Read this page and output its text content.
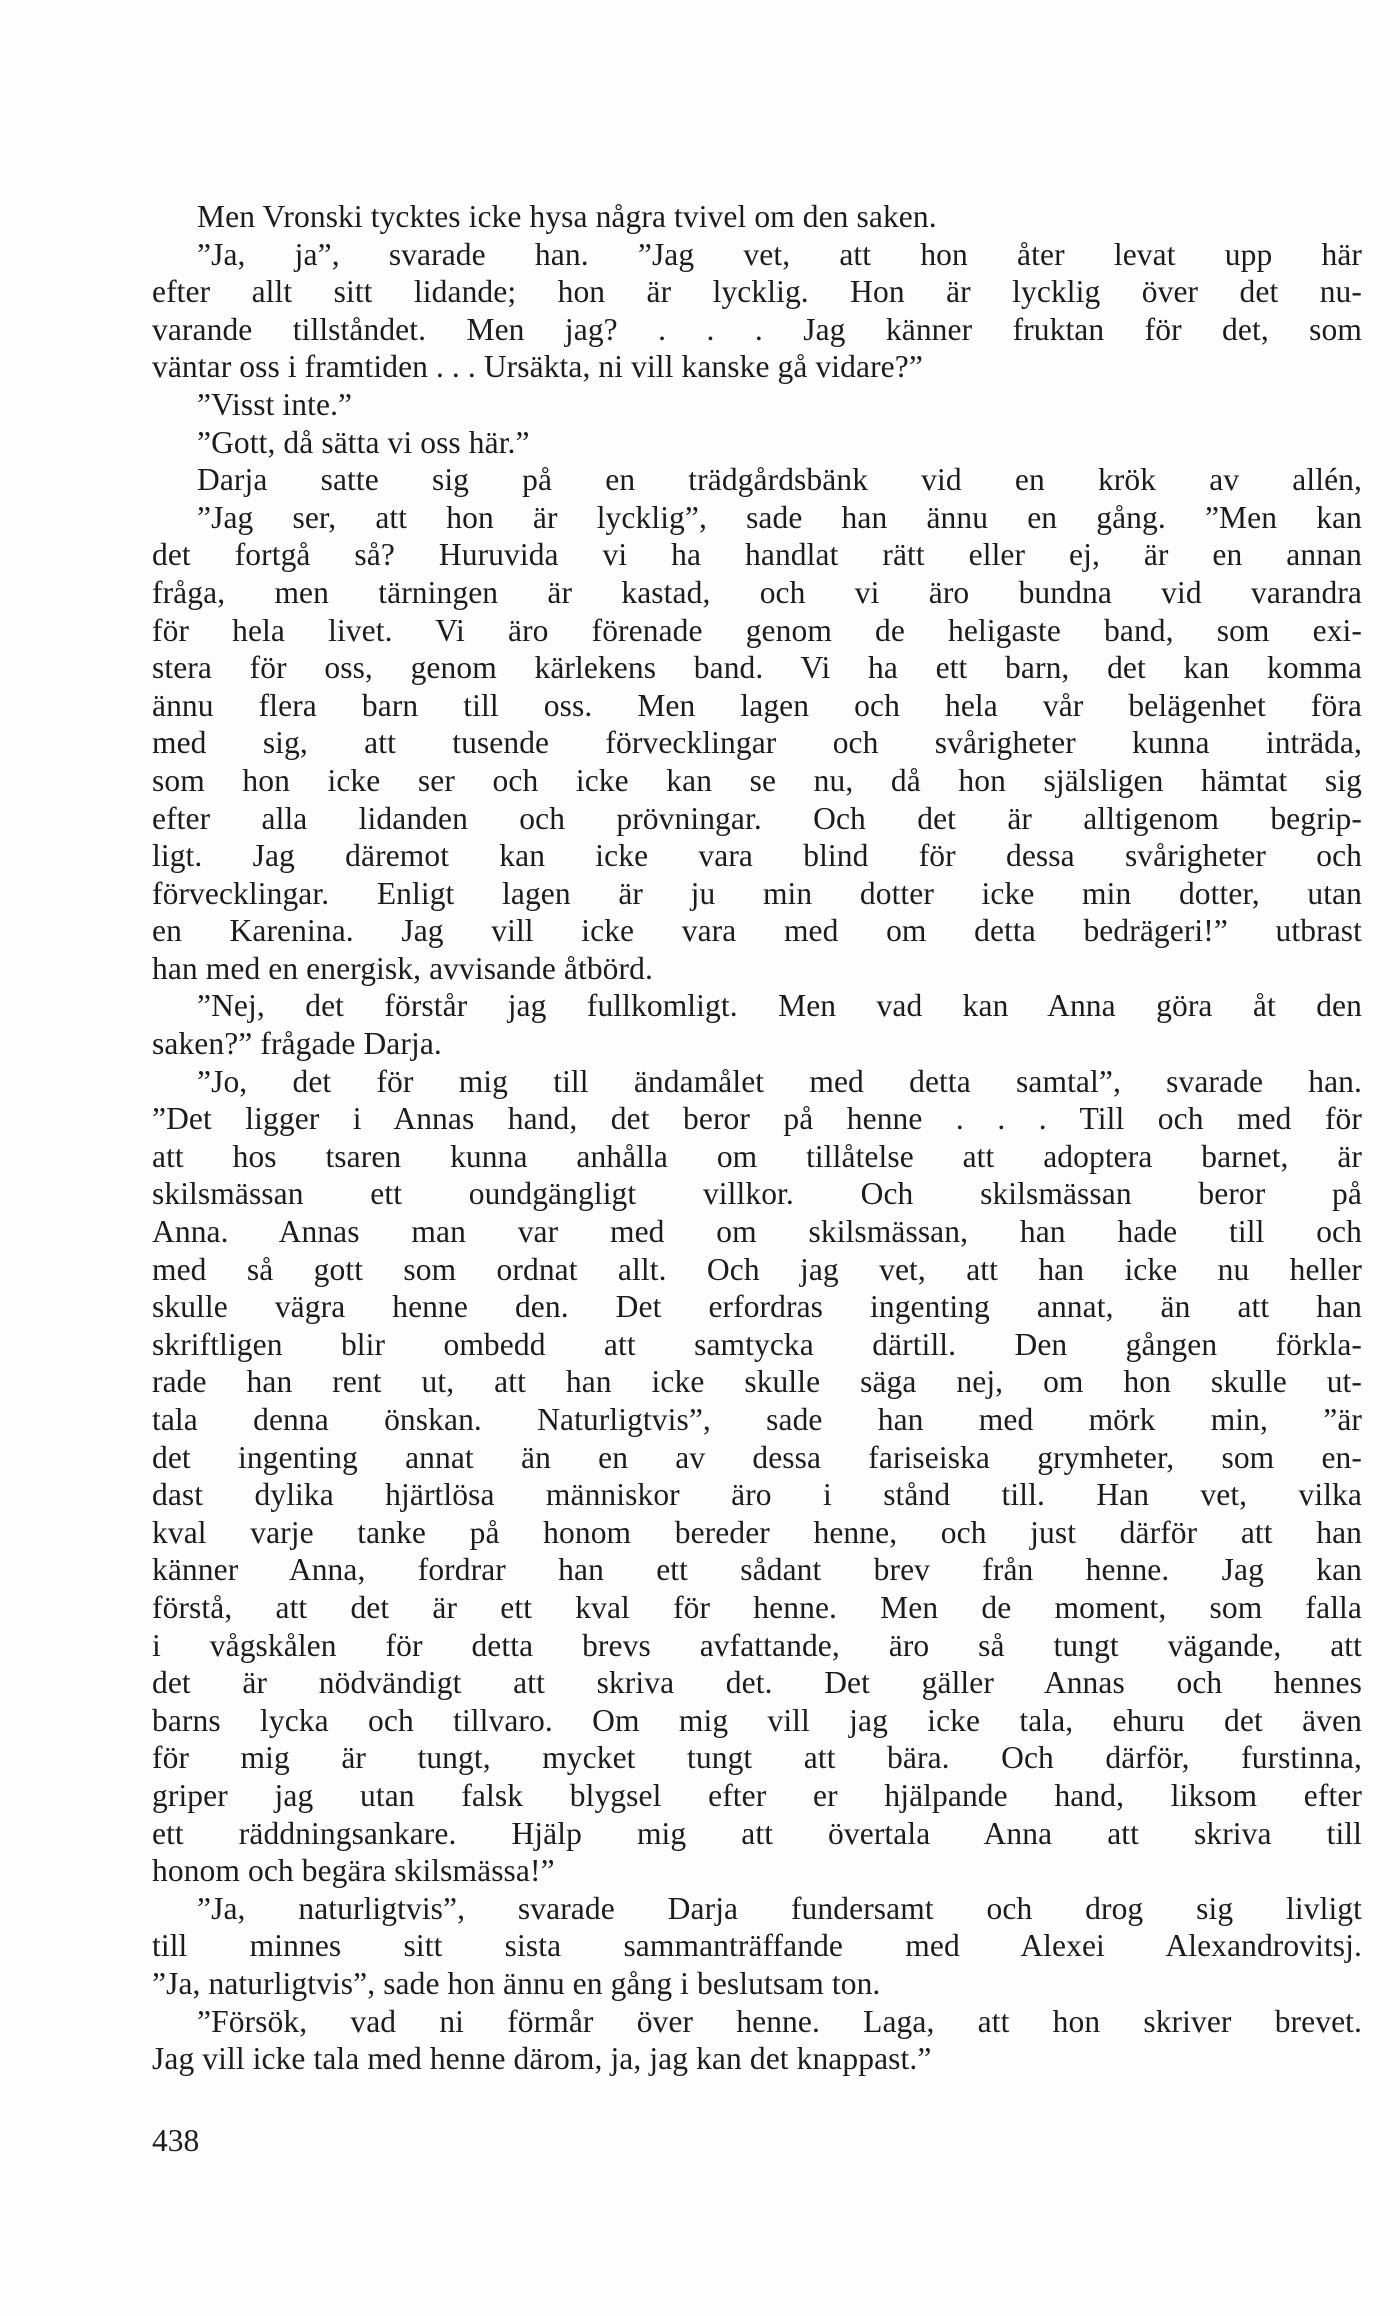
Men Vronski tycktes icke hysa några tvivel om den saken.
”Ja, ja”, svarade han. ”Jag vet, att hon åter levat upp här
efter allt sitt lidande; hon är lycklig. Hon är lycklig över det nu-
varande tillståndet. Men jag? . . . Jag känner fruktan för det, som
väntar oss i framtiden . . . Ursäkta, ni vill kanske gå vidare?”
”Visst inte.”
”Gott, då sätta vi oss här.”
Darja satte sig på en trädgårdsbänk vid en krök av allén,
”Jag ser, att hon är lycklig”, sade han ännu en gång. ”Men kan
det fortgå så? Huruvida vi ha handlat rätt eller ej, är en annan
fråga, men tärningen är kastad, och vi äro bundna vid varandra
för hela livet. Vi äro förenade genom de heligaste band, som exi-
stera för oss, genom kärlekens band. Vi ha ett barn, det kan komma
ännu flera barn till oss. Men lagen och hela vår belägenhet föra
med sig, att tusende förvecklingar och svårigheter kunna inträda,
som hon icke ser och icke kan se nu, då hon själsligen hämtat sig
efter alla lidanden och prövningar. Och det är alltigenom begrip-
ligt. Jag däremot kan icke vara blind för dessa svårigheter och
förvecklingar. Enligt lagen är ju min dotter icke min dotter, utan
en Karenina. Jag vill icke vara med om detta bedrägeri!” utbrast
han med en energisk, avvisande åtbörd.
”Nej, det förstår jag fullkomligt. Men vad kan Anna göra åt den
saken?” frågade Darja.
”Jo, det för mig till ändamålet med detta samtal”, svarade han.
”Det ligger i Annas hand, det beror på henne . . . Till och med för
att hos tsaren kunna anhålla om tillåtelse att adoptera barnet, är
skilsmässan ett oundgängligt villkor. Och skilsmässan beror på
Anna. Annas man var med om skilsmässan, han hade till och
med så gott som ordnat allt. Och jag vet, att han icke nu heller
skulle vägra henne den. Det erfordras ingenting annat, än att han
skriftligen blir ombedd att samtycka därtill. Den gången förkla-
rade han rent ut, att han icke skulle säga nej, om hon skulle ut-
tala denna önskan. Naturligtvis”, sade han med mörk min, ”är
det ingenting annat än en av dessa fariseiska grymheter, som en-
dast dylika hjärtlösa människor äro i stånd till. Han vet, vilka
kval varje tanke på honom bereder henne, och just därför att han
känner Anna, fordrar han ett sådant brev från henne. Jag kan
förstå, att det är ett kval för henne. Men de moment, som falla
i vågskålen för detta brevs avfattande, äro så tungt vägande, att
det är nödvändigt att skriva det. Det gäller Annas och hennes
barns lycka och tillvaro. Om mig vill jag icke tala, ehuru det även
för mig är tungt, mycket tungt att bära. Och därför, furstinna,
griper jag utan falsk blygsel efter er hjälpande hand, liksom efter
ett räddningsankare. Hjälp mig att övertala Anna att skriva till
honom och begära skilsmässa!”
”Ja, naturligtvis”, svarade Darja fundersamt och drog sig livligt
till minnes sitt sista sammanträffande med Alexei Alexandrovitsj.
”Ja, naturligtvis”, sade hon ännu en gång i beslutsam ton.
”Försök, vad ni förmår över henne. Laga, att hon skriver brevet.
Jag vill icke tala med henne därom, ja, jag kan det knappast.”
438
